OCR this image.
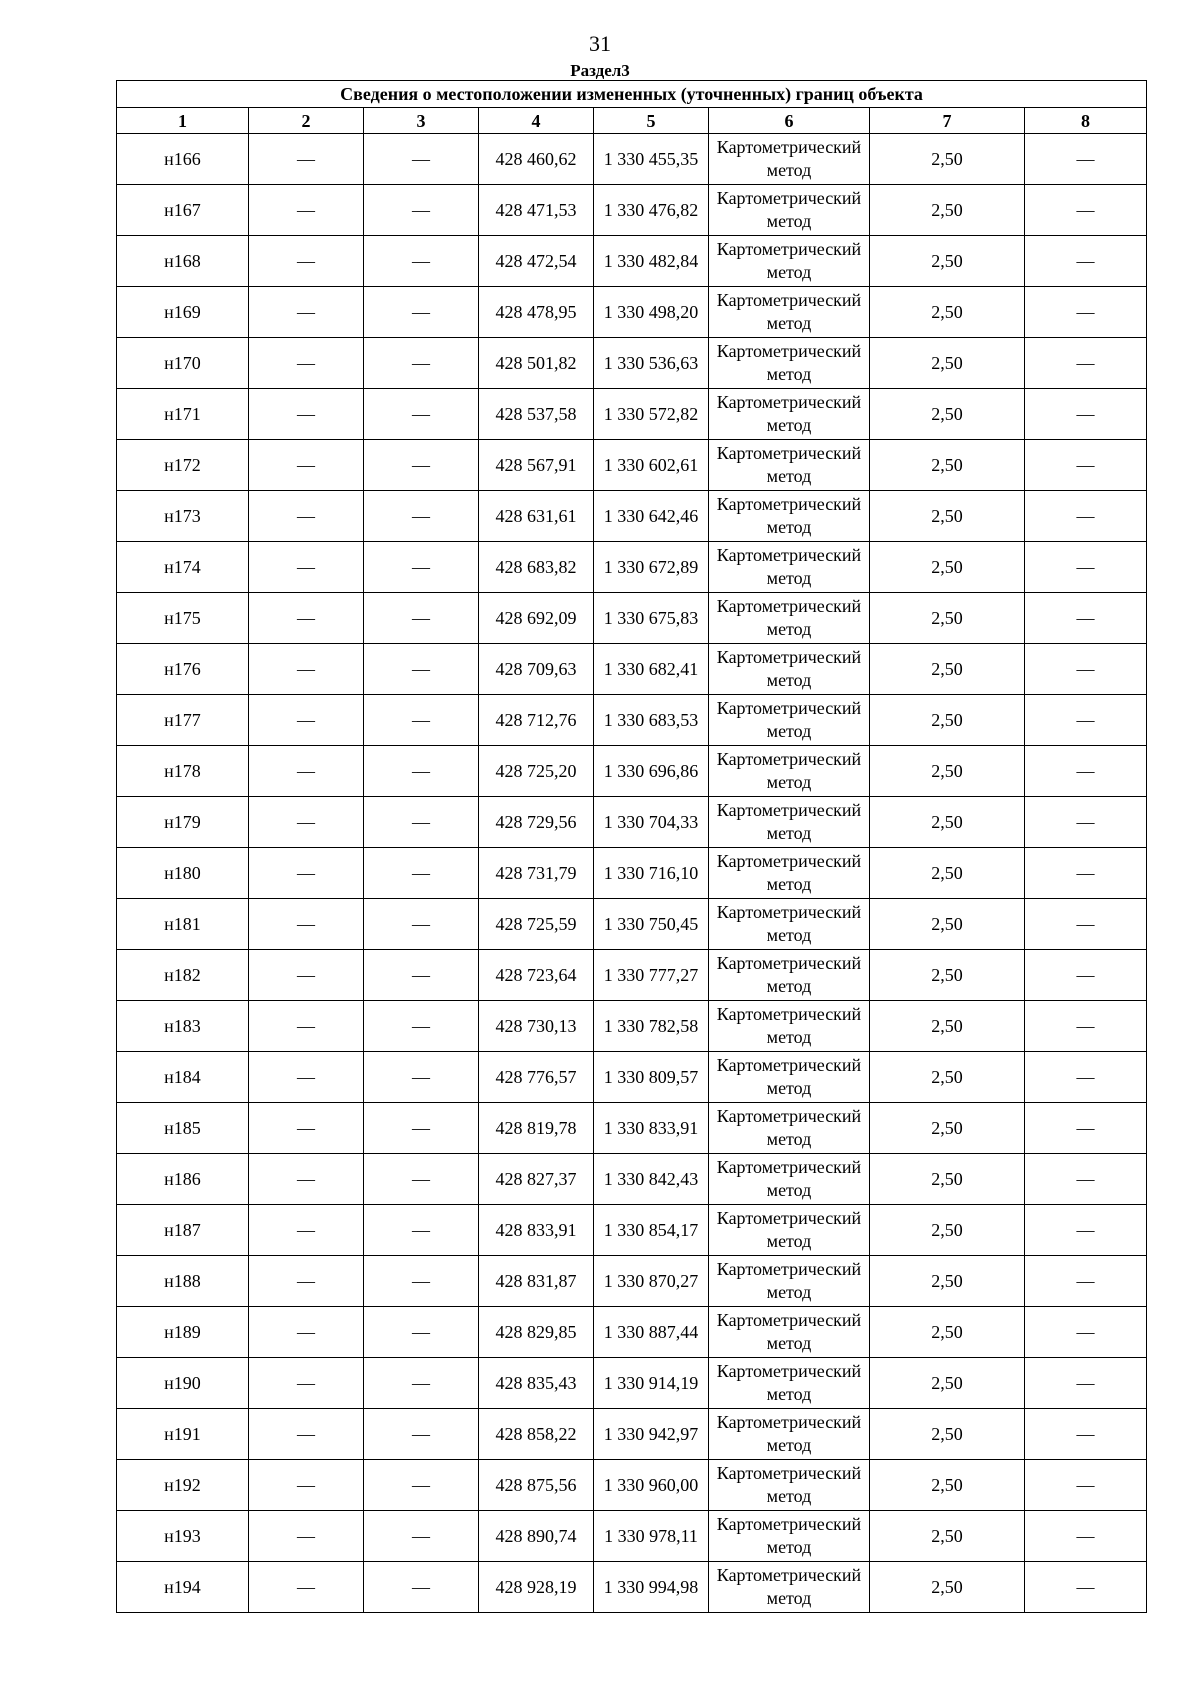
31
Раздел3
Сведения о местоположении измененных (уточненных) границ объекта							
1	2	3	4	5	6	7	8
н166	—	—	428 460,62	1 330 455,35	Картометрический метод	2,50	—
н167	—	—	428 471,53	1 330 476,82	Картометрический метод	2,50	—
н168	—	—	428 472,54	1 330 482,84	Картометрический метод	2,50	—
н169	—	—	428 478,95	1 330 498,20	Картометрический метод	2,50	—
н170	—	—	428 501,82	1 330 536,63	Картометрический метод	2,50	—
н171	—	—	428 537,58	1 330 572,82	Картометрический метод	2,50	—
н172	—	—	428 567,91	1 330 602,61	Картометрический метод	2,50	—
н173	—	—	428 631,61	1 330 642,46	Картометрический метод	2,50	—
н174	—	—	428 683,82	1 330 672,89	Картометрический метод	2,50	—
н175	—	—	428 692,09	1 330 675,83	Картометрический метод	2,50	—
н176	—	—	428 709,63	1 330 682,41	Картометрический метод	2,50	—
н177	—	—	428 712,76	1 330 683,53	Картометрический метод	2,50	—
н178	—	—	428 725,20	1 330 696,86	Картометрический метод	2,50	—
н179	—	—	428 729,56	1 330 704,33	Картометрический метод	2,50	—
н180	—	—	428 731,79	1 330 716,10	Картометрический метод	2,50	—
н181	—	—	428 725,59	1 330 750,45	Картометрический метод	2,50	—
н182	—	—	428 723,64	1 330 777,27	Картометрический метод	2,50	—
н183	—	—	428 730,13	1 330 782,58	Картометрический метод	2,50	—
н184	—	—	428 776,57	1 330 809,57	Картометрический метод	2,50	—
н185	—	—	428 819,78	1 330 833,91	Картометрический метод	2,50	—
н186	—	—	428 827,37	1 330 842,43	Картометрический метод	2,50	—
н187	—	—	428 833,91	1 330 854,17	Картометрический метод	2,50	—
н188	—	—	428 831,87	1 330 870,27	Картометрический метод	2,50	—
н189	—	—	428 829,85	1 330 887,44	Картометрический метод	2,50	—
н190	—	—	428 835,43	1 330 914,19	Картометрический метод	2,50	—
н191	—	—	428 858,22	1 330 942,97	Картометрический метод	2,50	—
н192	—	—	428 875,56	1 330 960,00	Картометрический метод	2,50	—
н193	—	—	428 890,74	1 330 978,11	Картометрический метод	2,50	—
н194	—	—	428 928,19	1 330 994,98	Картометрический метод	2,50	—
